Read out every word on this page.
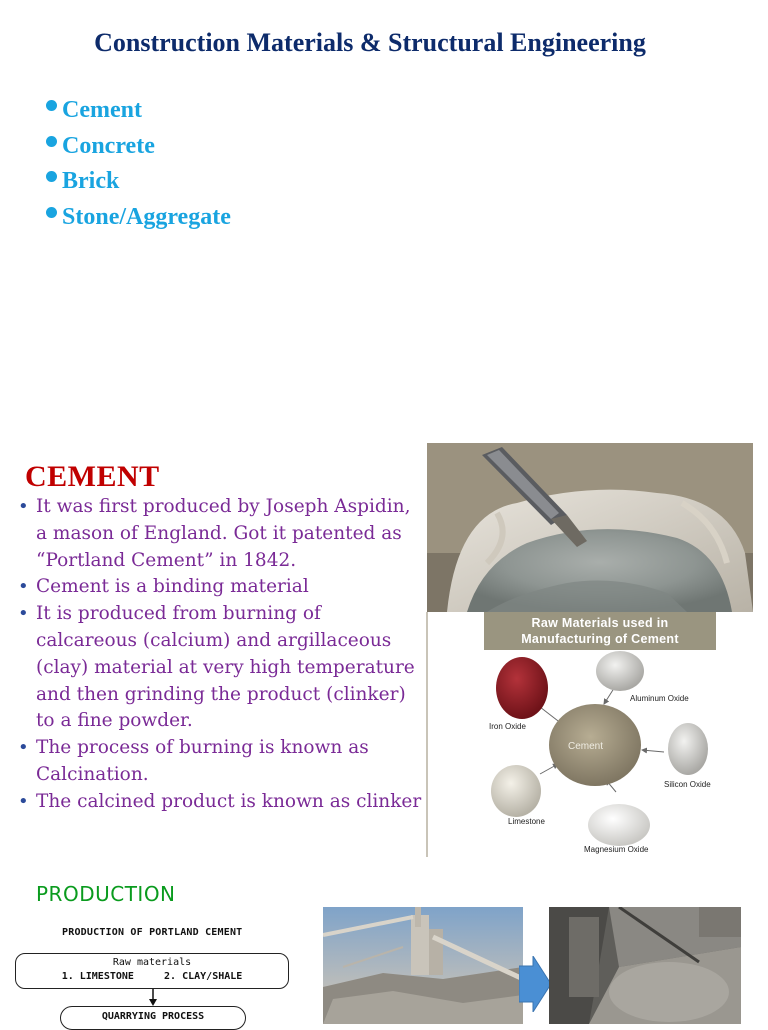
Construction Materials & Structural Engineering
Cement
Concrete
Brick
Stone/Aggregate
CEMENT
• It was first produced by Joseph Aspidin, a mason of England. Got it patented as “Portland Cement” in 1842.
• Cement is a binding material
• It is produced from burning of calcareous (calcium) and argillaceous (clay) material at very high temperature and then grinding the product (clinker) to a fine powder.
• The process of burning is known as Calcination.
• The calcined product is known as clinker
Raw Materials used in
Manufacturing of Cement
Cement
Aluminum Oxide
Iron Oxide
Silicon Oxide
Limestone
Magnesium Oxide
PRODUCTION
PRODUCTION OF PORTLAND CEMENT
Raw materials
1. LIMESTONE     2. CLAY/SHALE
QUARRYING PROCESS
